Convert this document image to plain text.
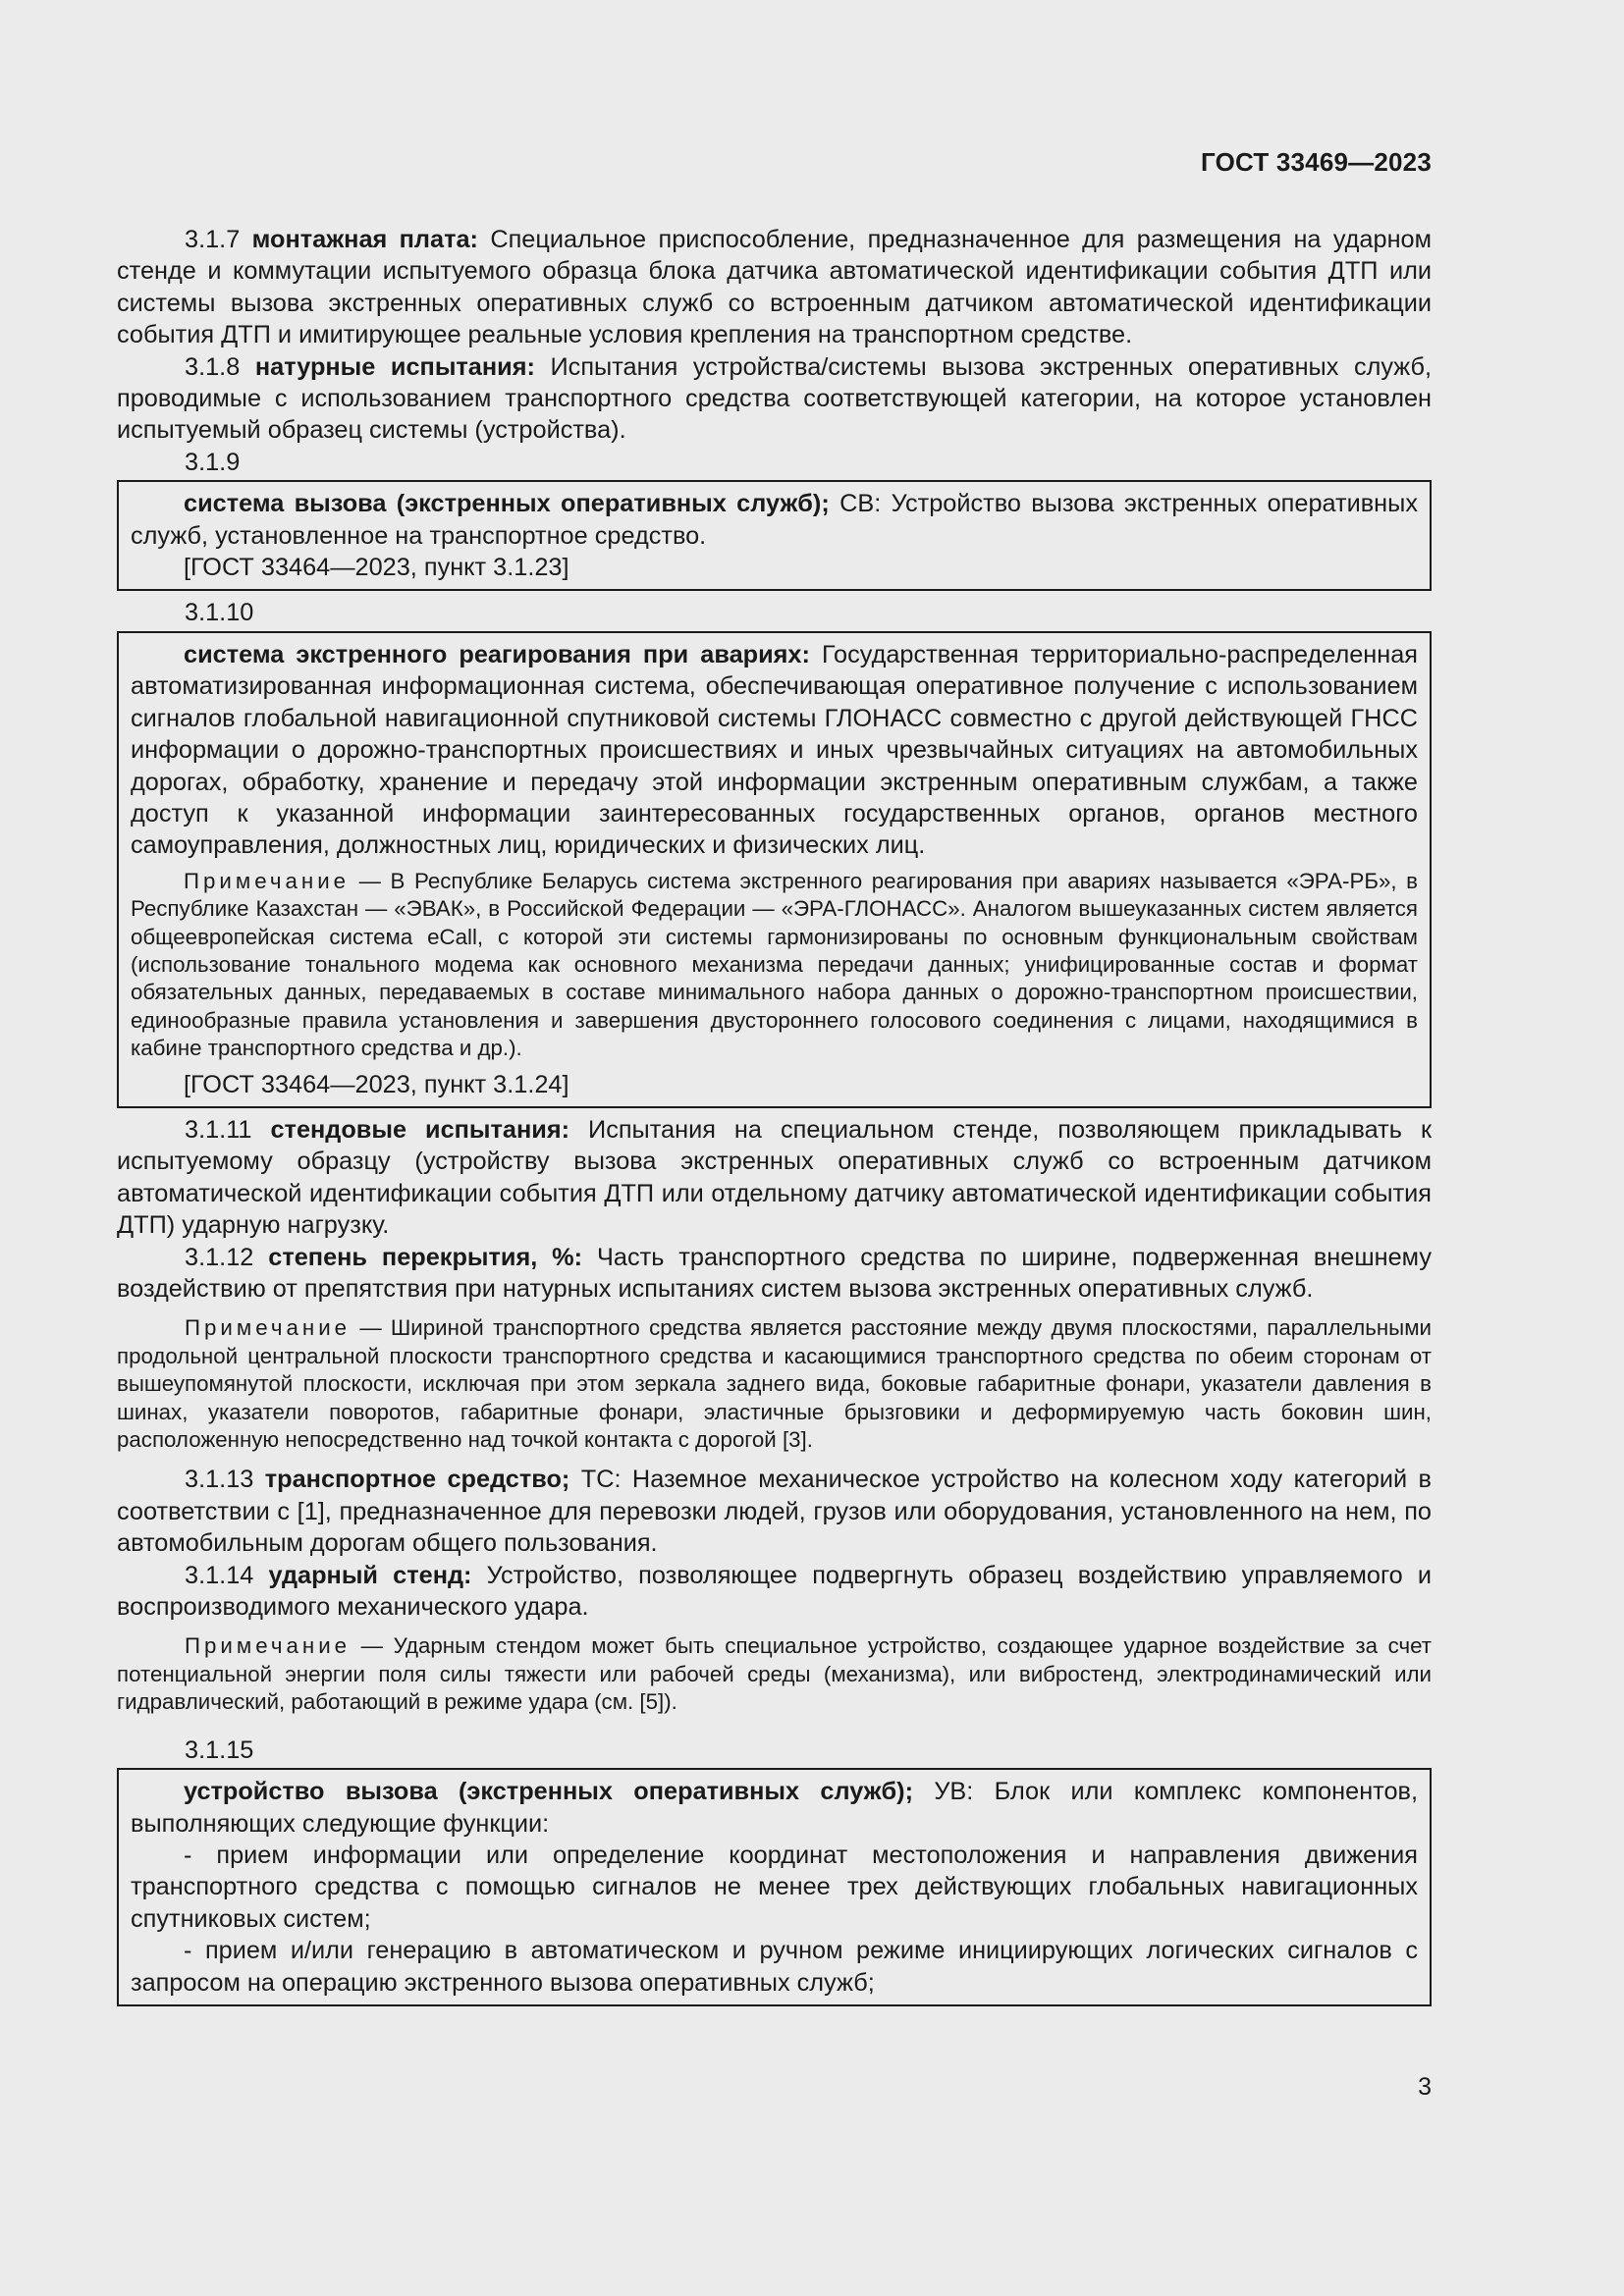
ГОСТ 33469—2023

3.1.7 монтажная плата: Специальное приспособление, предназначенное для размещения на ударном стенде и коммутации испытуемого образца блока датчика автоматической идентификации события ДТП или системы вызова экстренных оперативных служб со встроенным датчиком автоматической идентификации события ДТП и имитирующее реальные условия крепления на транспортном средстве.

3.1.8 натурные испытания: Испытания устройства/системы вызова экстренных оперативных служб, проводимые с использованием транспортного средства соответствующей категории, на которое установлен испытуемый образец системы (устройства).

3.1.9

система вызова (экстренных оперативных служб); СВ: Устройство вызова экстренных оперативных служб, установленное на транспортное средство.

[ГОСТ 33464—2023, пункт 3.1.23]

3.1.10

система экстренного реагирования при авариях: Государственная территориально-распределенная автоматизированная информационная система, обеспечивающая оперативное получение с использованием сигналов глобальной навигационной спутниковой системы ГЛОНАСС совместно с другой действующей ГНСС информации о дорожно-транспортных происшествиях и иных чрезвычайных ситуациях на автомобильных дорогах, обработку, хранение и передачу этой информации экстренным оперативным службам, а также доступ к указанной информации заинтересованных государственных органов, органов местного самоуправления, должностных лиц, юридических и физических лиц.

Примечание — В Республике Беларусь система экстренного реагирования при авариях называется «ЭРА-РБ», в Республике Казахстан — «ЭВАК», в Российской Федерации — «ЭРА-ГЛОНАСС». Аналогом вышеуказанных систем является общеевропейская система eCall, с которой эти системы гармонизированы по основным функциональным свойствам (использование тонального модема как основного механизма передачи данных; унифицированные состав и формат обязательных данных, передаваемых в составе минимального набора данных о дорожно-транспортном происшествии, единообразные правила установления и завершения двустороннего голосового соединения с лицами, находящимися в кабине транспортного средства и др.).

[ГОСТ 33464—2023, пункт 3.1.24]

3.1.11 стендовые испытания: Испытания на специальном стенде, позволяющем прикладывать к испытуемому образцу (устройству вызова экстренных оперативных служб со встроенным датчиком автоматической идентификации события ДТП или отдельному датчику автоматической идентификации события ДТП) ударную нагрузку.

3.1.12 степень перекрытия, %: Часть транспортного средства по ширине, подверженная внешнему воздействию от препятствия при натурных испытаниях систем вызова экстренных оперативных служб.

Примечание — Шириной транспортного средства является расстояние между двумя плоскостями, параллельными продольной центральной плоскости транспортного средства и касающимися транспортного средства по обеим сторонам от вышеупомянутой плоскости, исключая при этом зеркала заднего вида, боковые габаритные фонари, указатели давления в шинах, указатели поворотов, габаритные фонари, эластичные брызговики и деформируемую часть боковин шин, расположенную непосредственно над точкой контакта с дорогой [3].

3.1.13 транспортное средство; ТС: Наземное механическое устройство на колесном ходу категорий в соответствии с [1], предназначенное для перевозки людей, грузов или оборудования, установленного на нем, по автомобильным дорогам общего пользования.

3.1.14 ударный стенд: Устройство, позволяющее подвергнуть образец воздействию управляемого и воспроизводимого механического удара.

Примечание — Ударным стендом может быть специальное устройство, создающее ударное воздействие за счет потенциальной энергии поля силы тяжести или рабочей среды (механизма), или вибростенд, электродинамический или гидравлический, работающий в режиме удара (см. [5]).

3.1.15

устройство вызова (экстренных оперативных служб); УВ: Блок или комплекс компонентов, выполняющих следующие функции:

- прием информации или определение координат местоположения и направления движения транспортного средства с помощью сигналов не менее трех действующих глобальных навигационных спутниковых систем;

- прием и/или генерацию в автоматическом и ручном режиме инициирующих логических сигналов с запросом на операцию экстренного вызова оперативных служб;

3
